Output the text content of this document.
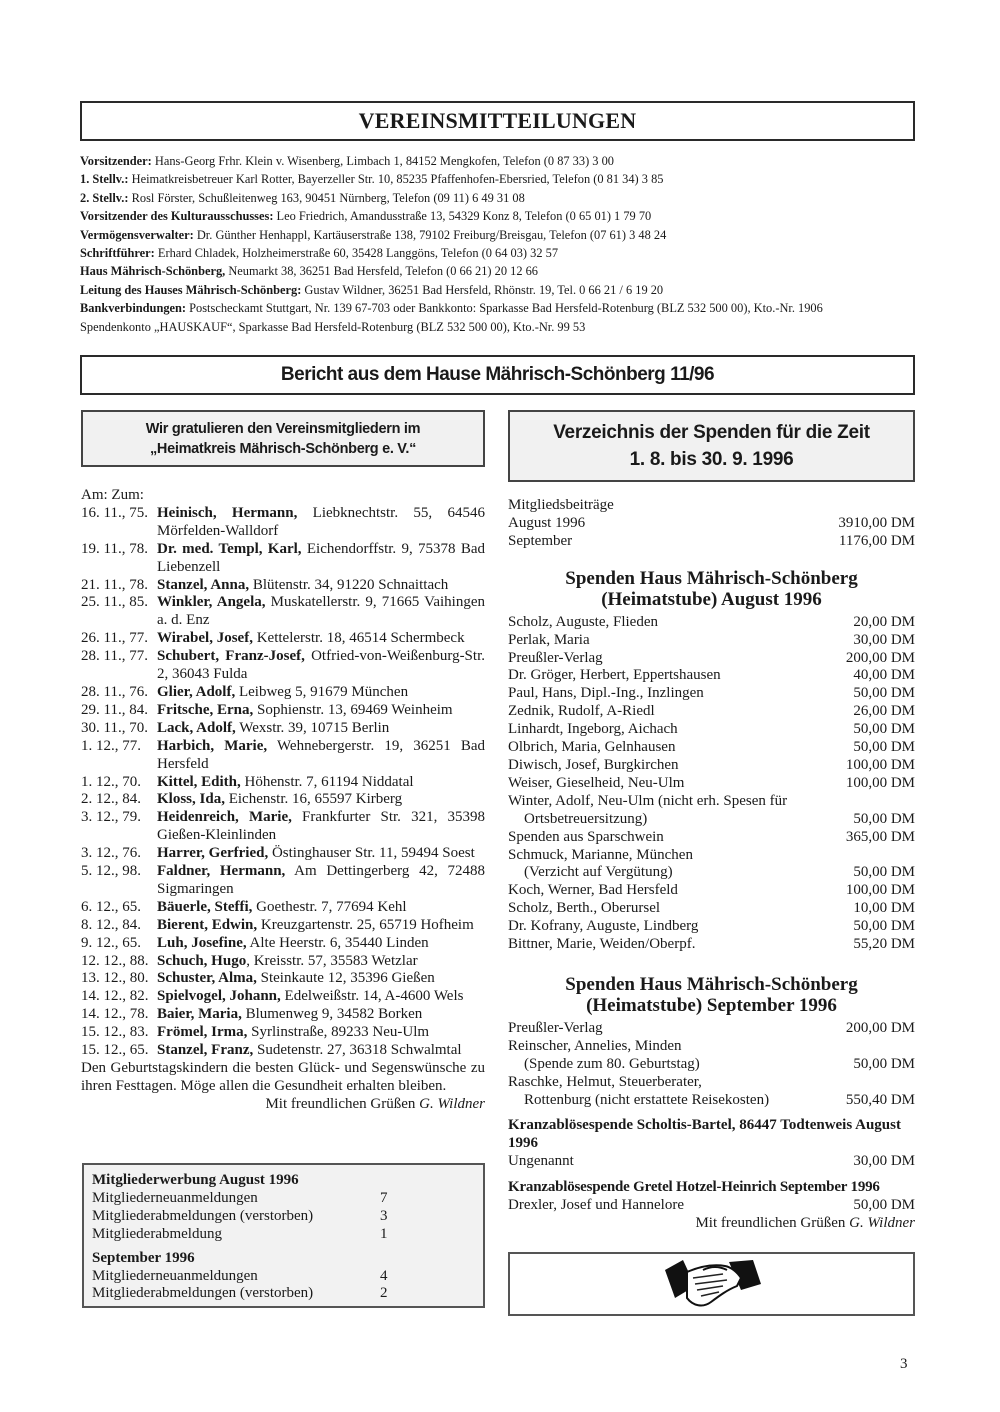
VEREINSMITTEILUNGEN
Vorsitzender: Hans-Georg Frhr. Klein v. Wisenberg, Limbach 1, 84152 Mengkofen, Telefon (0 87 33) 3 00
1. Stellv.: Heimatkreisbetreuer Karl Rotter, Bayerzeller Str. 10, 85235 Pfaffenhofen-Ebersried, Telefon (0 81 34) 3 85
2. Stellv.: Rosl Förster, Schußleitenweg 163, 90451 Nürnberg, Telefon (09 11) 6 49 31 08
Vorsitzender des Kulturausschusses: Leo Friedrich, Amandusstraße 13, 54329 Konz 8, Telefon (0 65 01) 1 79 70
Vermögensverwalter: Dr. Günther Henhappl, Kartäuserstraße 138, 79102 Freiburg/Breisgau, Telefon (07 61) 3 48 24
Schriftführer: Erhard Chladek, Holzheimerstraße 60, 35428 Langgöns, Telefon (0 64 03) 32 57
Haus Mährisch-Schönberg, Neumarkt 38, 36251 Bad Hersfeld, Telefon (0 66 21) 20 12 66
Leitung des Hauses Mährisch-Schönberg: Gustav Wildner, 36251 Bad Hersfeld, Rhönstr. 19, Tel. 0 66 21 / 6 19 20
Bankverbindungen: Postscheckamt Stuttgart, Nr. 139 67-703 oder Bankkonto: Sparkasse Bad Hersfeld-Rotenburg (BLZ 532 500 00), Kto.-Nr. 1906
Spendenkonto „HAUSKAUF“, Sparkasse Bad Hersfeld-Rotenburg (BLZ 532 500 00), Kto.-Nr. 99 53
Bericht aus dem Hause Mährisch-Schönberg 11/96
Wir gratulieren den Vereinsmitgliedern im
„Heimatkreis Mährisch-Schönberg e. V.“
Verzeichnis der Spenden für die Zeit
1. 8. bis 30. 9. 1996
Am: Zum:
16. 11., 75. Heinisch, Hermann, Liebknechtstr. 55, 64546 Mörfelden-Walldorf
19. 11., 78. Dr. med. Templ, Karl, Eichendorffstr. 9, 75378 Bad Liebenzell
21. 11., 78. Stanzel, Anna, Blütenstr. 34, 91220 Schnaittach
25. 11., 85. Winkler, Angela, Muskatellerstr. 9, 71665 Vaihingen a. d. Enz
26. 11., 77. Wirabel, Josef, Kettelerstr. 18, 46514 Schermbeck
28. 11., 77. Schubert, Franz-Josef, Otfried-von-Weißenburg-Str. 2, 36043 Fulda
28. 11., 76. Glier, Adolf, Leibweg 5, 91679 München
29. 11., 84. Fritsche, Erna, Sophienstr. 13, 69469 Weinheim
30. 11., 70. Lack, Adolf, Wexstr. 39, 10715 Berlin
1. 12., 77.	Harbich, Marie, Wehnebergerstr. 19, 36251 Bad Hersfeld
1. 12., 70.	Kittel, Edith, Höhenstr. 7, 61194 Niddatal
2. 12., 84.	Kloss, Ida, Eichenstr. 16, 65597 Kirberg
3. 12., 79.	Heidenreich, Marie, Frankfurter Str. 321, 35398 Gießen-Kleinlinden
3. 12., 76.	Harrer, Gerfried, Östinghauser Str. 11, 59494 Soest
5. 12., 98.	Faldner, Hermann, Am Dettingerberg 42, 72488 Sigmaringen
6. 12., 65.	Bäuerle, Steffi, Goethestr. 7, 77694 Kehl
8. 12., 84.	Bierent, Edwin, Kreuzgartenstr. 25, 65719 Hofheim
9. 12., 65.	Luh, Josefine, Alte Heerstr. 6, 35440 Linden
12. 12., 88. Schuch, Hugo, Kreisstr. 57, 35583 Wetzlar
13. 12., 80. Schuster, Alma, Steinkaute 12, 35396 Gießen
14. 12., 82. Spielvogel, Johann, Edelweißstr. 14, A-4600 Wels
14. 12., 78. Baier, Maria, Blumenweg 9, 34582 Borken
15. 12., 83. Frömel, Irma, Syrlinstraße, 89233 Neu-Ulm
15. 12., 65. Stanzel, Franz, Sudetenstr. 27, 36318 Schwalmtal
Den Geburtstagskindern die besten Glück- und Segenswünsche zu ihren Festtagen. Möge allen die Gesundheit erhalten bleiben.
Mit freundlichen Grüßen G. Wildner
Mitgliederwerbung August 1996
Mitgliederneuanmeldungen	7
Mitgliederabmeldungen (verstorben)	3
Mitgliederabmeldung	1
September 1996
Mitgliederneuanmeldungen	4
Mitgliederabmeldungen (verstorben)	2
Mitgliedsbeiträge
August 1996	3910,00 DM
September	1176,00 DM
Spenden Haus Mährisch-Schönberg
(Heimatstube) August 1996
Scholz, Auguste, Flieden	20,00 DM
Perlak, Maria	30,00 DM
Preußler-Verlag	200,00 DM
Dr. Gröger, Herbert, Eppertshausen	40,00 DM
Paul, Hans, Dipl.-Ing., Inzlingen	50,00 DM
Zednik, Rudolf, A-Riedl	26,00 DM
Linhardt, Ingeborg, Aichach	50,00 DM
Olbrich, Maria, Gelnhausen	50,00 DM
Diwisch, Josef, Burgkirchen	100,00 DM
Weiser, Gieselheid, Neu-Ulm	100,00 DM
Winter, Adolf, Neu-Ulm (nicht erh. Spesen für
Ortsbetreuersitzung)	50,00 DM
Spenden aus Sparschwein	365,00 DM
Schmuck, Marianne, München
(Verzicht auf Vergütung)	50,00 DM
Koch, Werner, Bad Hersfeld	100,00 DM
Scholz, Berth., Oberursel	10,00 DM
Dr. Kofrany, Auguste, Lindberg	50,00 DM
Bittner, Marie, Weiden/Oberpf.	55,20 DM
Spenden Haus Mährisch-Schönberg
(Heimatstube) September 1996
Preußler-Verlag	200,00 DM
Reinscher, Annelies, Minden
(Spende zum 80. Geburtstag)	50,00 DM
Raschke, Helmut, Steuerberater,
Rottenburg (nicht erstattete Reisekosten)	550,40 DM
Kranzablösespende Scholtis-Bartel, 86447 Todtenweis August 1996
Ungenannt	30,00 DM
Kranzablösespende Gretel Hotzel-Heinrich September 1996
Drexler, Josef und Hannelore	50,00 DM
Mit freundlichen Grüßen G. Wildner
3
